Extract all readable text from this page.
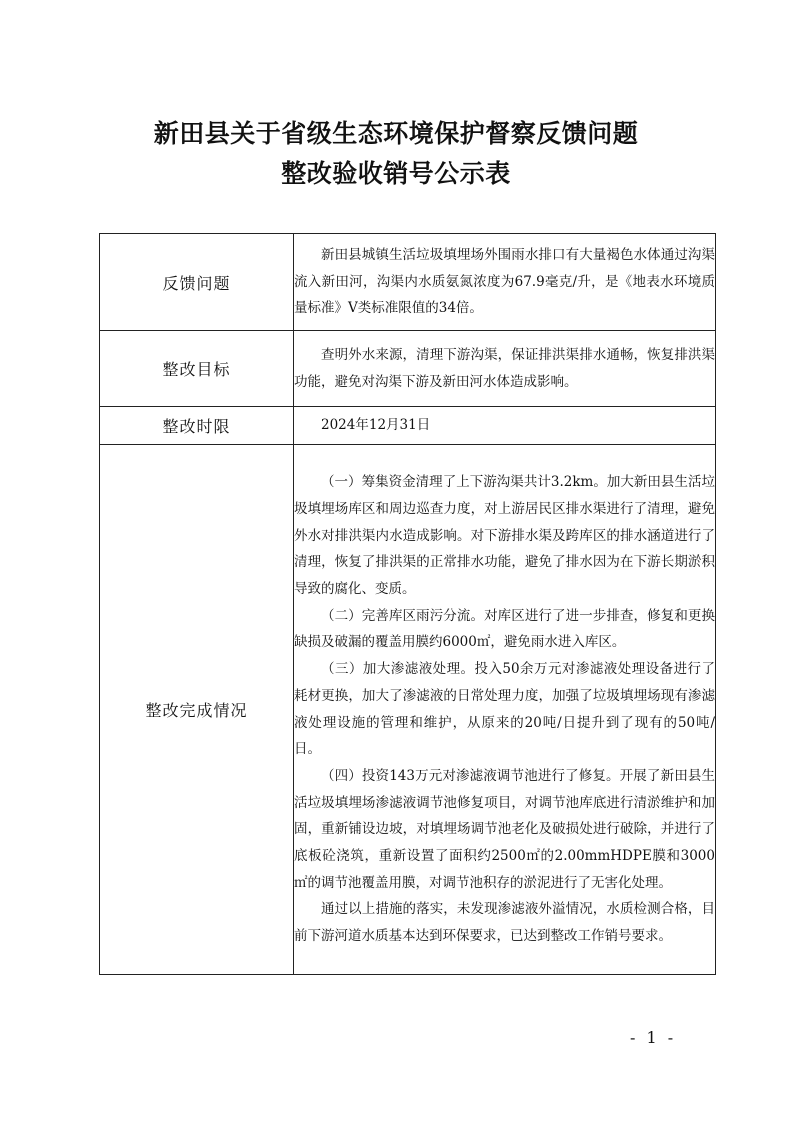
新田县关于省级生态环境保护督察反馈问题
整改验收销号公示表
反馈问题	新田县城镇生活垃圾填埋场外围雨水排口有大量褐色水体通过沟渠流入新田河，沟渠内水质氨氮浓度为67.9毫克/升，是《地表水环境质量标准》Ⅴ类标准限值的34倍。

整改目标	查明外水来源，清理下游沟渠，保证排洪渠排水通畅，恢复排洪渠功能，避免对沟渠下游及新田河水体造成影响。

整改时限	2024年12月31日

整改完成情况	（一）筹集资金清理了上下游沟渠共计3.2km。加大新田县生活垃圾填埋场库区和周边巡查力度，对上游居民区排水渠进行了清理，避免外水对排洪渠内水造成影响。对下游排水渠及跨库区的排水涵道进行了清理，恢复了排洪渠的正常排水功能，避免了排水因为在下游长期淤积导致的腐化、变质。

（二）完善库区雨污分流。对库区进行了进一步排查，修复和更换缺损及破漏的覆盖用膜约6000㎡，避免雨水进入库区。

（三）加大渗滤液处理。投入50余万元对渗滤液处理设备进行了耗材更换，加大了渗滤液的日常处理力度，加强了垃圾填埋场现有渗滤液处理设施的管理和维护，从原来的20吨/日提升到了现有的50吨/日。

（四）投资143万元对渗滤液调节池进行了修复。开展了新田县生活垃圾填埋场渗滤液调节池修复项目，对调节池库底进行清淤维护和加固，重新铺设边坡，对填埋场调节池老化及破损处进行破除，并进行了底板砼浇筑，重新设置了面积约2500㎡的2.00mmHDPE膜和3000㎡的调节池覆盖用膜，对调节池积存的淤泥进行了无害化处理。

通过以上措施的落实，未发现渗滤液外溢情况，水质检测合格，目前下游河道水质基本达到环保要求，已达到整改工作销号要求。

- 1 -
